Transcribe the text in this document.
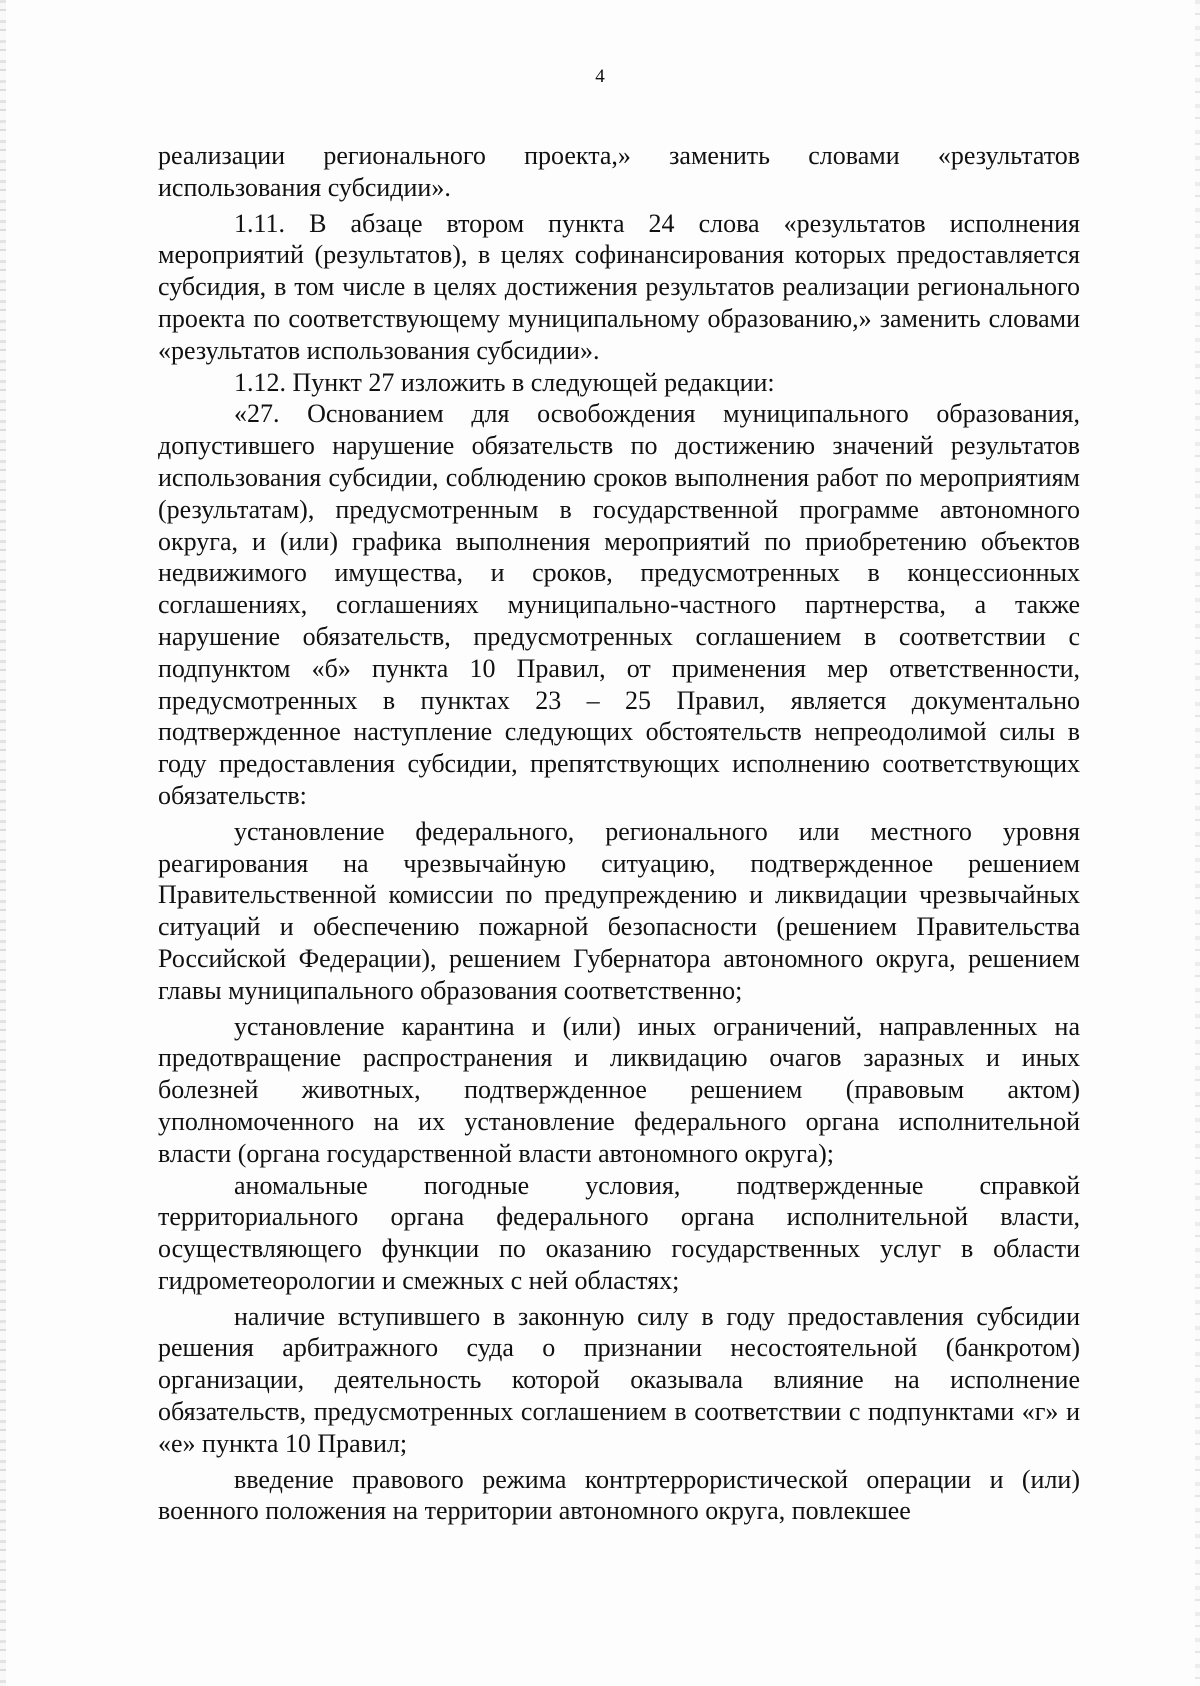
4

реализации регионального проекта,» заменить словами «результатов использования субсидии».

1.11. В абзаце втором пункта 24 слова «результатов исполнения мероприятий (результатов), в целях софинансирования которых предоставляется субсидия, в том числе в целях достижения результатов реализации регионального проекта по соответствующему муниципальному образованию,» заменить словами «результатов использования субсидии».

1.12. Пункт 27 изложить в следующей редакции:

«27. Основанием для освобождения муниципального образования, допустившего нарушение обязательств по достижению значений результатов использования субсидии, соблюдению сроков выполнения работ по мероприятиям (результатам), предусмотренным в государственной программе автономного округа, и (или) графика выполнения мероприятий по приобретению объектов недвижимого имущества, и сроков, предусмотренных в концессионных соглашениях, соглашениях муниципально-частного партнерства, а также нарушение обязательств, предусмотренных соглашением в соответствии с подпунктом «б» пункта 10 Правил, от применения мер ответственности, предусмотренных в пунктах 23 – 25 Правил, является документально подтвержденное наступление следующих обстоятельств непреодолимой силы в году предоставления субсидии, препятствующих исполнению соответствующих обязательств:

установление федерального, регионального или местного уровня реагирования на чрезвычайную ситуацию, подтвержденное решением Правительственной комиссии по предупреждению и ликвидации чрезвычайных ситуаций и обеспечению пожарной безопасности (решением Правительства Российской Федерации), решением Губернатора автономного округа, решением главы муниципального образования соответственно;

установление карантина и (или) иных ограничений, направленных на предотвращение распространения и ликвидацию очагов заразных и иных болезней животных, подтвержденное решением (правовым актом) уполномоченного на их установление федерального органа исполнительной власти (органа государственной власти автономного округа);

аномальные погодные условия, подтвержденные справкой территориального органа федерального органа исполнительной власти, осуществляющего функции по оказанию государственных услуг в области гидрометеорологии и смежных с ней областях;

наличие вступившего в законную силу в году предоставления субсидии решения арбитражного суда о признании несостоятельной (банкротом) организации, деятельность которой оказывала влияние на исполнение обязательств, предусмотренных соглашением в соответствии с подпунктами «г» и «е» пункта 10 Правил;

введение правового режима контртеррористической операции и (или) военного положения на территории автономного округа, повлекшее
